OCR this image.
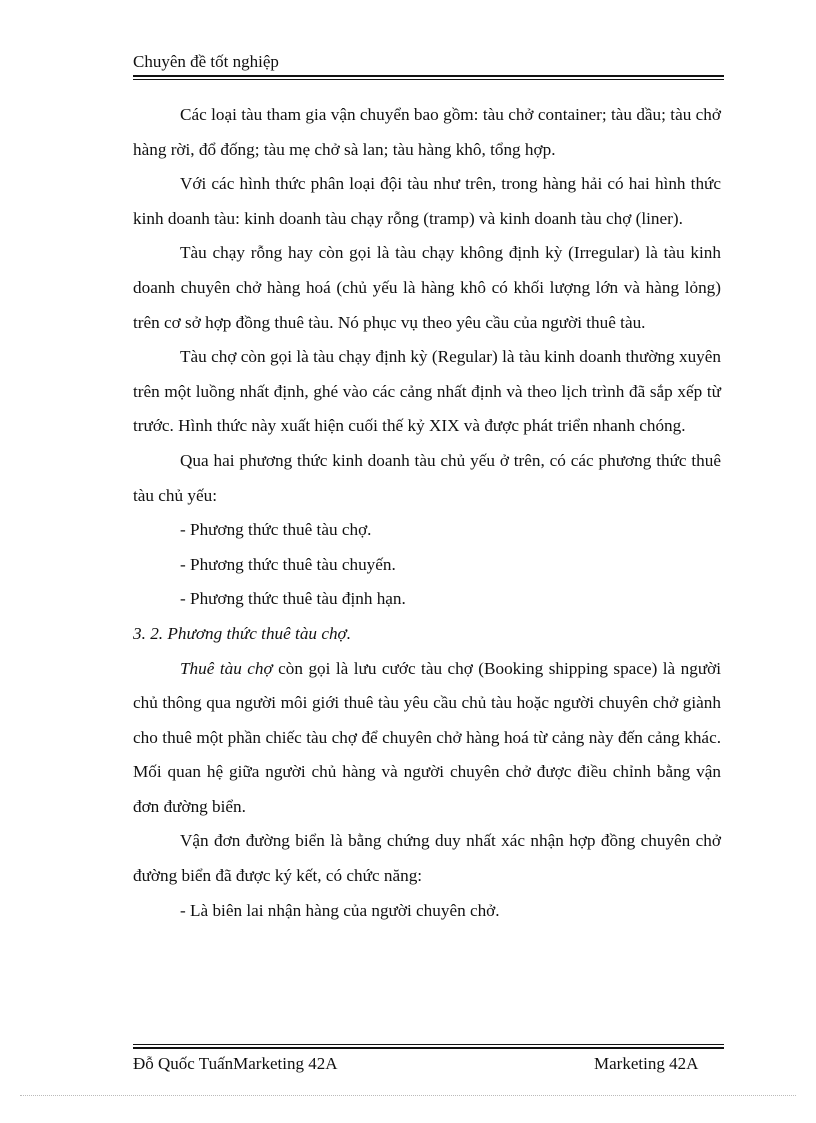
Chuyên đề tốt nghiệp

Các loại tàu tham gia vận chuyển bao gồm: tàu chở container; tàu dầu; tàu chở hàng rời, đổ đống; tàu mẹ chở sà lan; tàu hàng khô, tổng hợp.

Với các hình thức phân loại đội tàu như trên, trong hàng hải có hai hình thức kinh doanh tàu: kinh doanh tàu chạy rỗng (tramp) và kinh doanh tàu chợ (liner).

Tàu chạy rỗng hay còn gọi là tàu chạy không định kỳ (Irregular) là tàu kinh doanh chuyên chở hàng hoá (chủ yếu là hàng khô có khối lượng lớn và hàng lỏng) trên cơ sở hợp đồng thuê tàu. Nó phục vụ theo yêu cầu của người thuê tàu.

Tàu chợ còn gọi là tàu chạy định kỳ (Regular) là tàu kinh doanh thường xuyên trên một luồng nhất định, ghé vào các cảng nhất định và theo lịch trình đã sắp xếp từ trước. Hình thức này xuất hiện cuối thế kỷ XIX và được phát triển nhanh chóng.

Qua hai phương thức kinh doanh tàu chủ yếu ở trên, có các phương thức thuê tàu chủ yếu:

- Phương thức thuê tàu chợ.

- Phương thức thuê tàu chuyến.

- Phương thức thuê tàu định hạn.

3. 2. Phương thức thuê tàu chợ.

Thuê tàu chợ còn gọi là lưu cước tàu chợ (Booking shipping space) là người chủ thông qua người môi giới thuê tàu yêu cầu chủ tàu hoặc người chuyên chở giành cho thuê một phần chiếc tàu chợ để chuyên chở hàng hoá từ cảng này đến cảng khác. Mối quan hệ giữa người chủ hàng và người chuyên chở được điều chỉnh bằng vận đơn đường biển.

Vận đơn đường biển là bằng chứng duy nhất xác nhận hợp đồng chuyên chở đường biển đã được ký kết, có chức năng:

- Là biên lai nhận hàng của người chuyên chở.

Đỗ Quốc TuấnMarketing 42A	Marketing 42A
